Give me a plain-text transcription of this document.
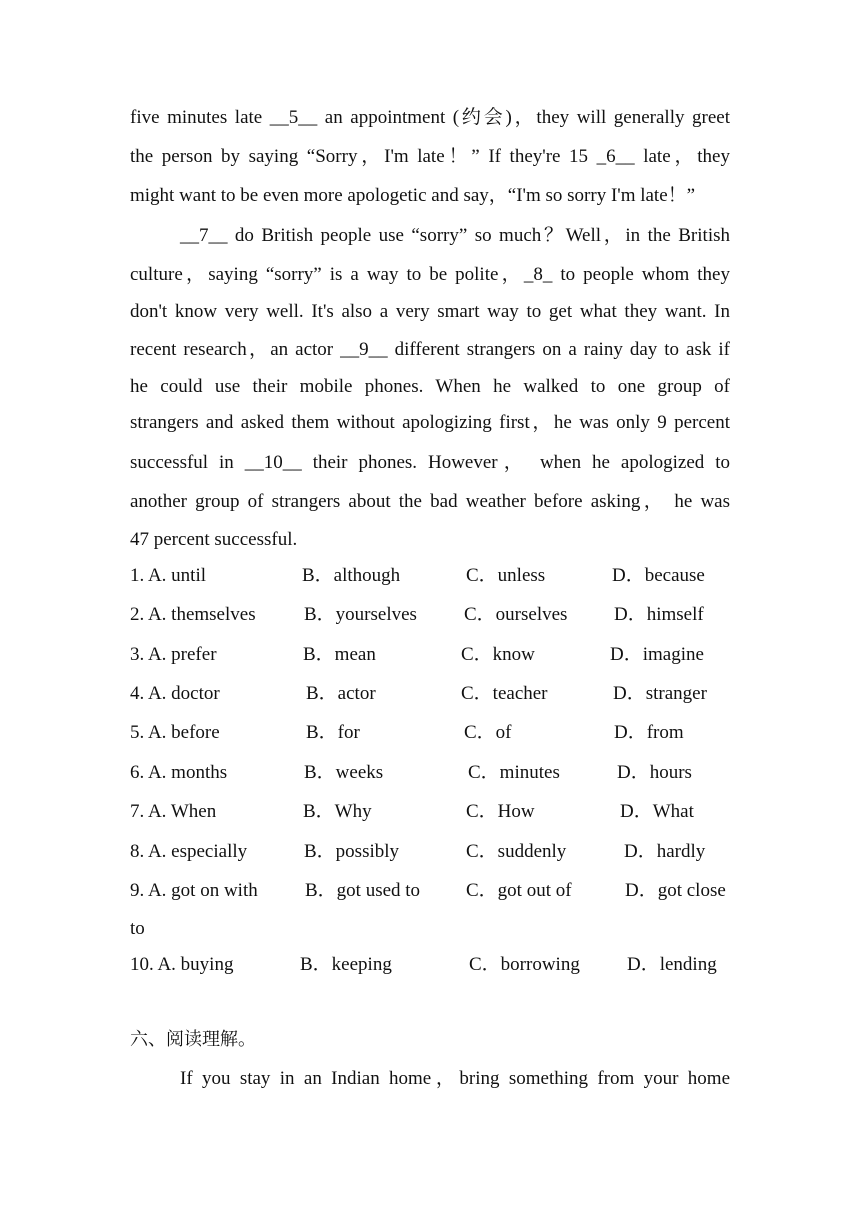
five minutes late __5__ an appointment (约会)，they will generally greet
the person by saying “Sorry，I'm late！” If they're 15 _6__ late，they
might want to be even more apologetic and say，“I'm so sorry I'm late！”
__7__ do British people use “sorry” so much？Well，in the British
culture，saying “sorry” is a way to be polite，_8_ to people whom they
don't know very well. It's also a very smart way to get what they want. In
recent research，an actor __9__ different strangers on a rainy day to ask if
he could use their mobile phones. When he walked to one group of
strangers and asked them without apologizing first，he was only 9 percent
successful in __10__ their phones. However， when he apologized to
another group of strangers about the bad weather before asking， he was
47 percent successful.
1. A. until	B．although	C．unless	D．because
2. A. themselves	B．yourselves C．ourselves D．himself
3. A. prefer	B．mean	C．know	D．imagine
4. A. doctor	B．actor	C．teacher	D．stranger
5. A. before	B．for	C．of	D．from
6. A. months	B．weeks	C．minutes	D．hours
7. A. When	B．Why	C．How	D．What
8. A. especially	B．possibly	C．suddenly	D．hardly
9. A. got on with B．got used to C．got out of	D．got close
to
10. A. buying	B．keeping	C．borrowing D．lending
六、阅读理解。
If you stay in an Indian home，bring something from your home
